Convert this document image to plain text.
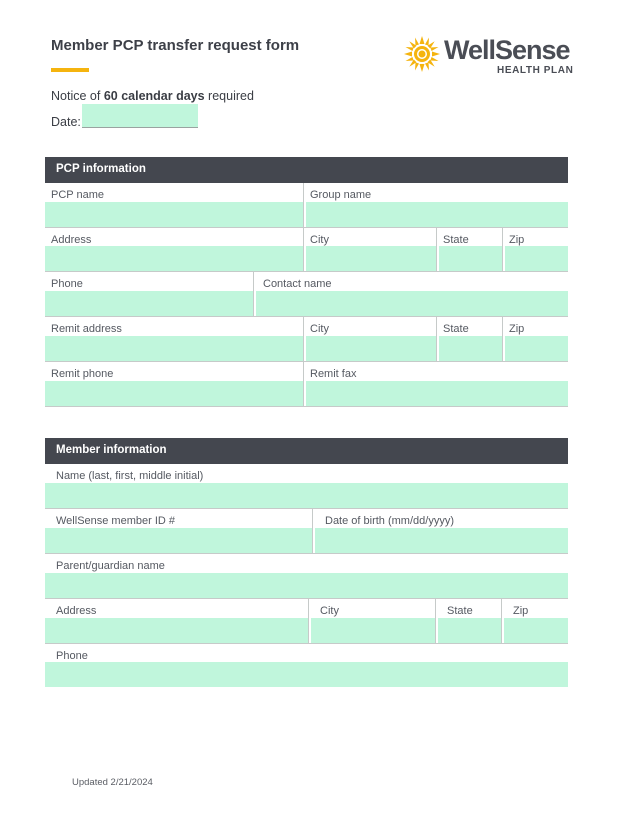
Member PCP transfer request form	WellSense
HEALTH PLAN
Notice of 60 calendar days required
Date:
PCP information
PCP name	Group name
Address	City	State	Zip
Phone	Contact name
Remit address	City	State	Zip
Remit phone	Remit fax
Member information
Name (last, first, middle initial)
WellSense member ID #	Date of birth (mm/dd/yyyy)
Parent/guardian name
Address	City	State	Zip
Phone
Updated 2/21/2024
